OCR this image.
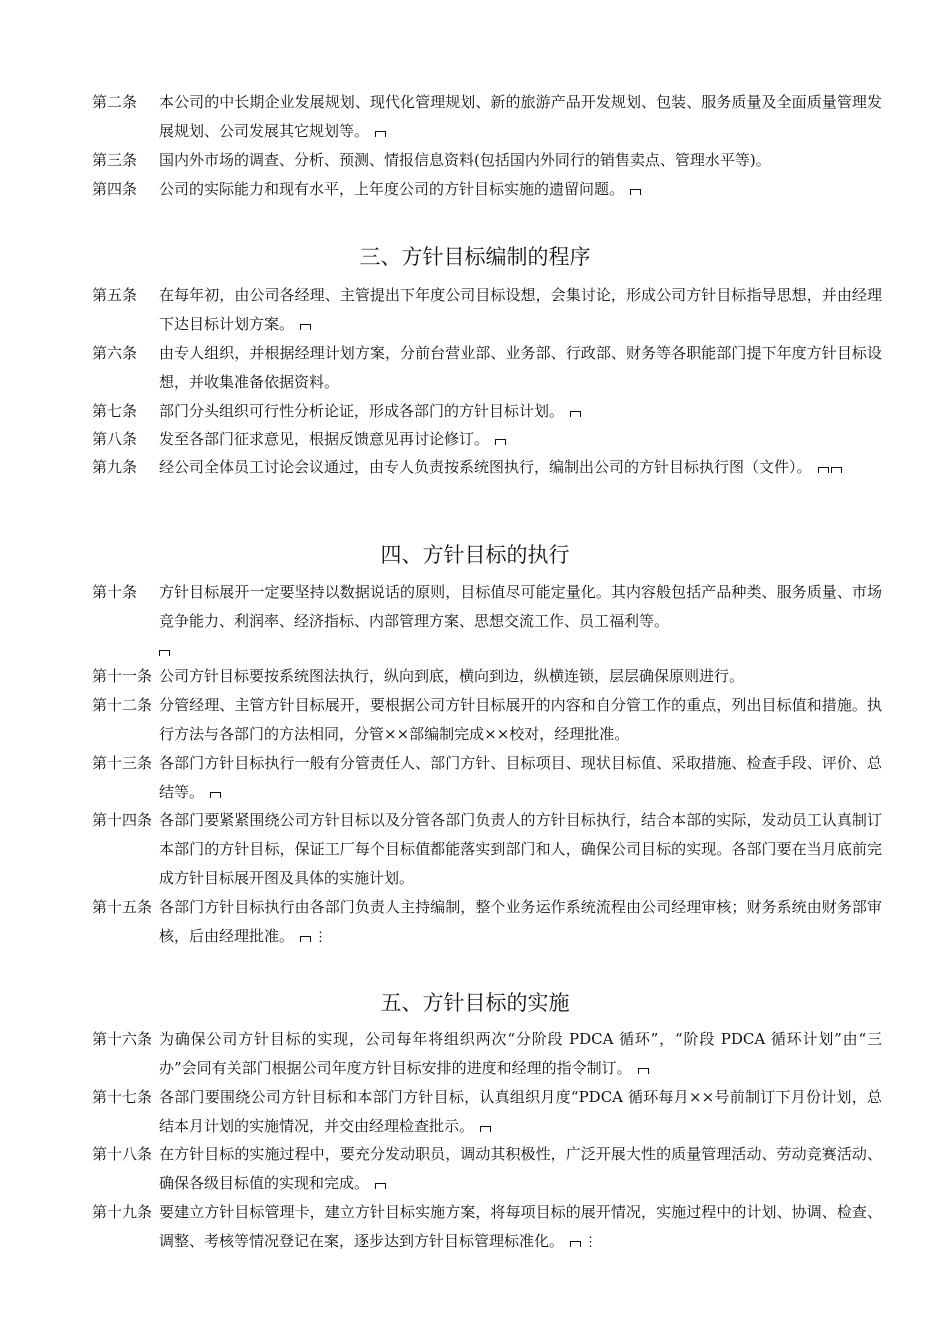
第二条	本公司的中长期企业发展规划、现代化管理规划、新的旅游产品开发规划、包装、服务质量及全面质量管理发展规划、公司发展其它规划等。
第三条	国内外市场的调查、分析、预测、情报信息资料(包括国内外同行的销售卖点、管理水平等)。
第四条	公司的实际能力和现有水平，上年度公司的方针目标实施的遗留问题。
三、方针目标编制的程序
第五条	在每年初，由公司各经理、主管提出下年度公司目标设想，会集讨论，形成公司方针目标指导思想，并由经理下达目标计划方案。
第六条	由专人组织，并根据经理计划方案，分前台营业部、业务部、行政部、财务等各职能部门提下年度方针目标设想，并收集准备依据资料。
第七条	部门分头组织可行性分析论证，形成各部门的方针目标计划。
第八条	发至各部门征求意见，根据反馈意见再讨论修订。
第九条	经公司全体员工讨论会议通过，由专人负责按系统图执行，编制出公司的方针目标执行图（文件）。
四、方针目标的执行
第十条	方针目标展开一定要坚持以数据说话的原则，目标值尽可能定量化。其内容般包括产品种类、服务质量、市场竞争能力、利润率、经济指标、内部管理方案、思想交流工作、员工福利等。

第十一条 公司方针目标要按系统图法执行，纵向到底，横向到边，纵横连锁，层层确保原则进行。
第十二条 分管经理、主管方针目标展开，要根据公司方针目标展开的内容和自分管工作的重点，列出目标值和措施。执行方法与各部门的方法相同，分管××部编制完成××校对，经理批准。
第十三条 各部门方针目标执行一般有分管责任人、部门方针、目标项目、现状目标值、采取措施、检查手段、评价、总结等。
第十四条 各部门要紧紧围绕公司方针目标以及分管各部门负责人的方针目标执行，结合本部的实际，发动员工认真制订本部门的方针目标，保证工厂每个目标值都能落实到部门和人，确保公司目标的实现。各部门要在当月底前完成方针目标展开图及具体的实施计划。
第十五条 各部门方针目标执行由各部门负责人主持编制，整个业务运作系统流程由公司经理审核；财务系统由财务部审核，后由经理批准。 ⋮
五、方针目标的实施
第十六条 为确保公司方针目标的实现，公司每年将组织两次“分阶段 PDCA 循环”，“阶段 PDCA 循环计划”由“三办”会同有关部门根据公司年度方针目标安排的进度和经理的指令制订。
第十七条 各部门要围绕公司方针目标和本部门方针目标，认真组织月度“PDCA 循环每月××号前制订下月份计划，总结本月计划的实施情况，并交由经理检查批示。
第十八条 在方针目标的实施过程中，要充分发动职员，调动其积极性，广泛开展大性的质量管理活动、劳动竞赛活动、确保各级目标值的实现和完成。
第十九条 要建立方针目标管理卡，建立方针目标实施方案，将每项目标的展开情况，实施过程中的计划、协调、检查、调整、考核等情况登记在案，逐步达到方针目标管理标准化。 ⋮
